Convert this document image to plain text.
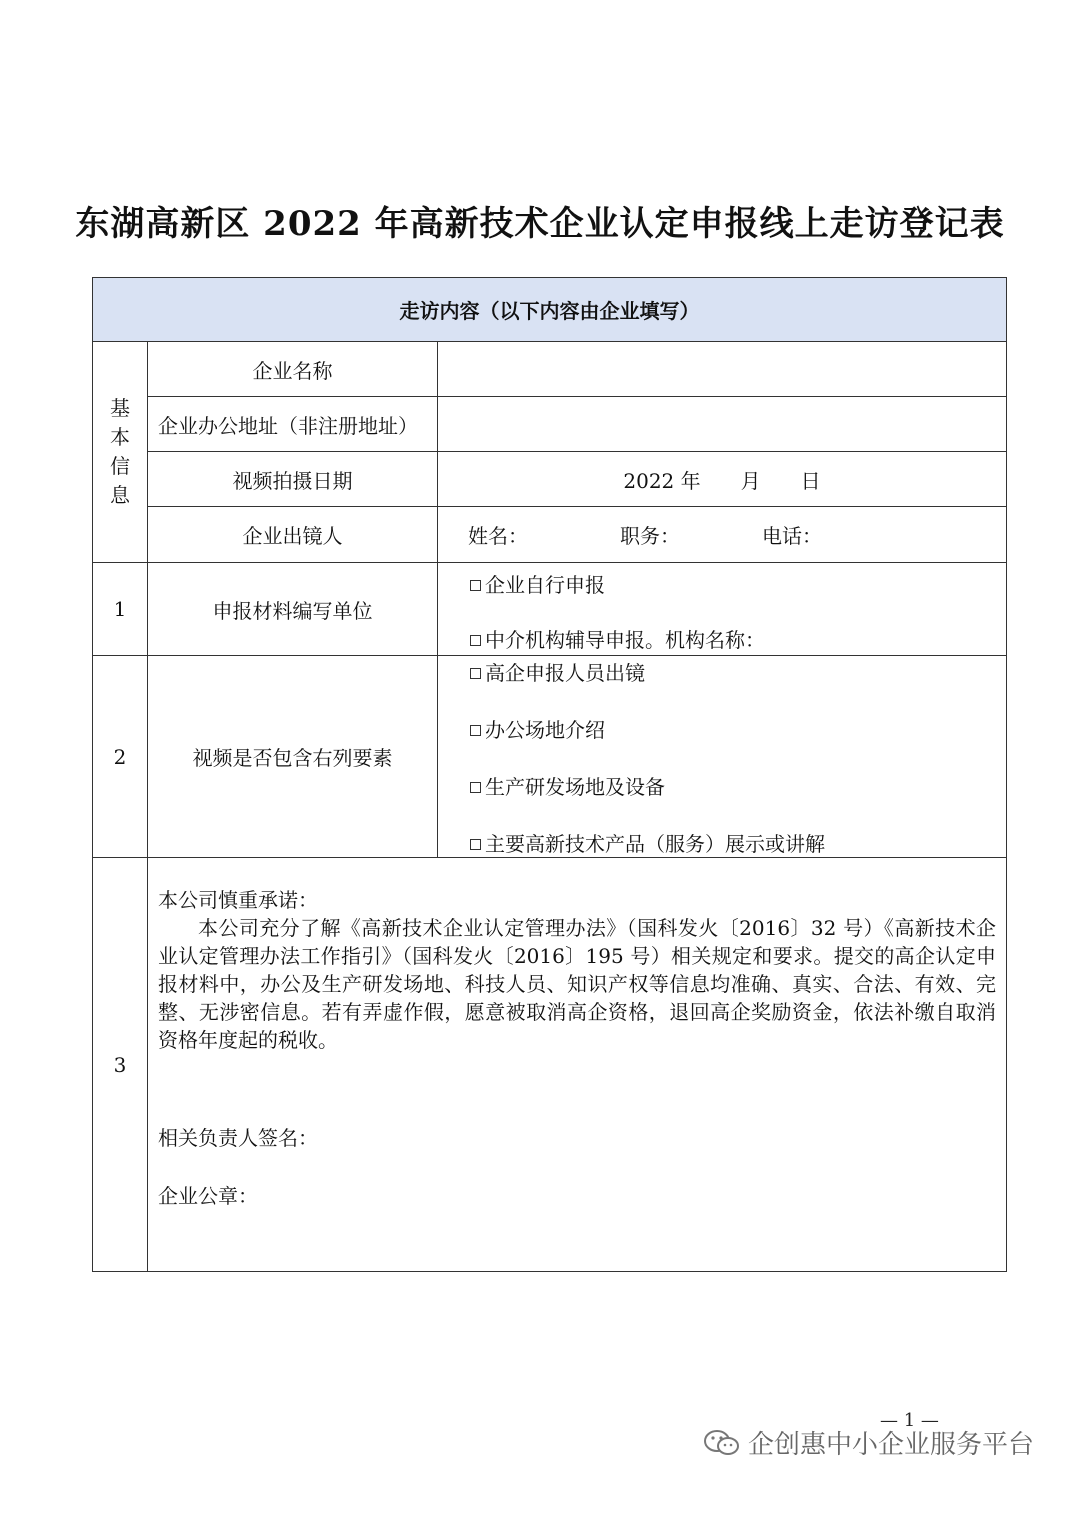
东湖高新区 2022 年高新技术企业认定申报线上走访登记表
走访内容（以下内容由企业填写）		
基
本
信
息	企业名称	
	企业办公地址（非注册地址）	
	视频拍摄日期	2022 年　　月　　日
	企业出镜人	姓名： 职务： 电话：
1	申报材料编写单位	企业自行申报
中介机构辅导申报。机构名称：

2	视频是否包含右列要素	高企申报人员出镜
办公场地介绍
生产研发场地及设备
主要高新技术产品（服务）展示或讲解

3	本公司慎重承诺：

本公司充分了解《高新技术企业认定管理办法》（国科发火〔2016〕32 号）《高新技术企业认定管理办法工作指引》（国科发火〔2016〕195 号）相关规定和要求。提交的高企认定申报材料中，办公及生产研发场地、科技人员、知识产权等信息均准确、真实、合法、有效、完整、无涉密信息。若有弄虚作假，愿意被取消高企资格，退回高企奖励资金，依法补缴自取消资格年度起的税收。

相关负责人签名：

企业公章：	

— 1 —
企创惠中小企业服务平台
